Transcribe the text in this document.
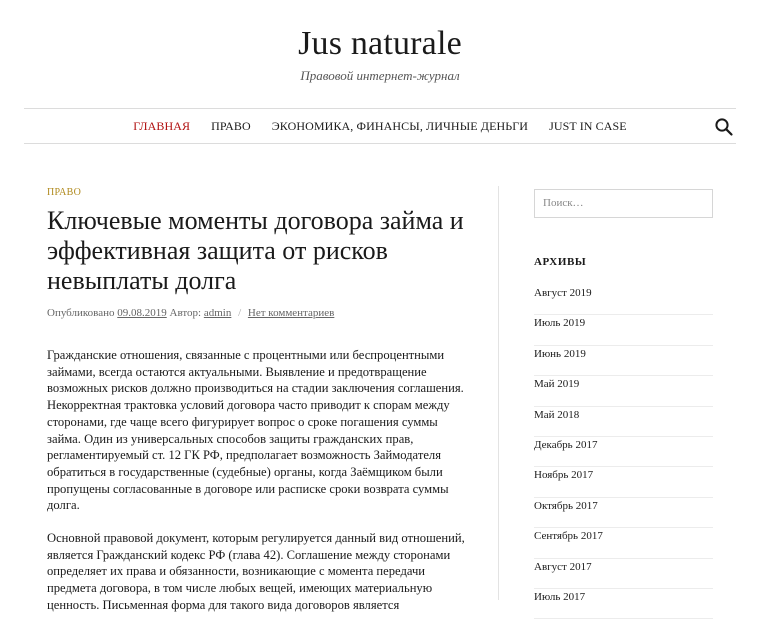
Jus naturale
Правовой интернет-журнал
ГЛАВНАЯ ПРАВО ЭКОНОМИКА, ФИНАНСЫ, ЛИЧНЫЕ ДЕНЬГИ JUST IN CASE
ПРАВО
Ключевые моменты договора займа и эффективная защита от рисков невыплаты долга
Опубликовано 09.08.2019 Автор: admin / Нет комментариев

Гражданские отношения, связанные с процентными или беспроцентными займами, всегда остаются актуальными. Выявление и предотвращение возможных рисков должно производиться на стадии заключения соглашения. Некорректная трактовка условий договора часто приводит к спорам между сторонами, где чаще всего фигурирует вопрос о сроке погашения суммы займа. Один из универсальных способов защиты гражданских прав, регламентируемый ст. 12 ГК РФ, предполагает возможность Займодателя обратиться в государственные (судебные) органы, когда Заёмщиком были пропущены согласованные в договоре или расписке сроки возврата суммы долга.

Основной правовой документ, которым регулируется данный вид отношений, является Гражданский кодекс РФ (глава 42). Соглашение между сторонами определяет их права и обязанности, возникающие с момента передачи предмета договора, в том числе любых вещей, имеющих материальную ценность. Письменная форма для такого вида договоров является

Поиск…
АРХИВЫ
Август 2019
Июль 2019
Июнь 2019
Май 2019
Май 2018
Декабрь 2017
Ноябрь 2017
Октябрь 2017
Сентябрь 2017
Август 2017
Июль 2017
